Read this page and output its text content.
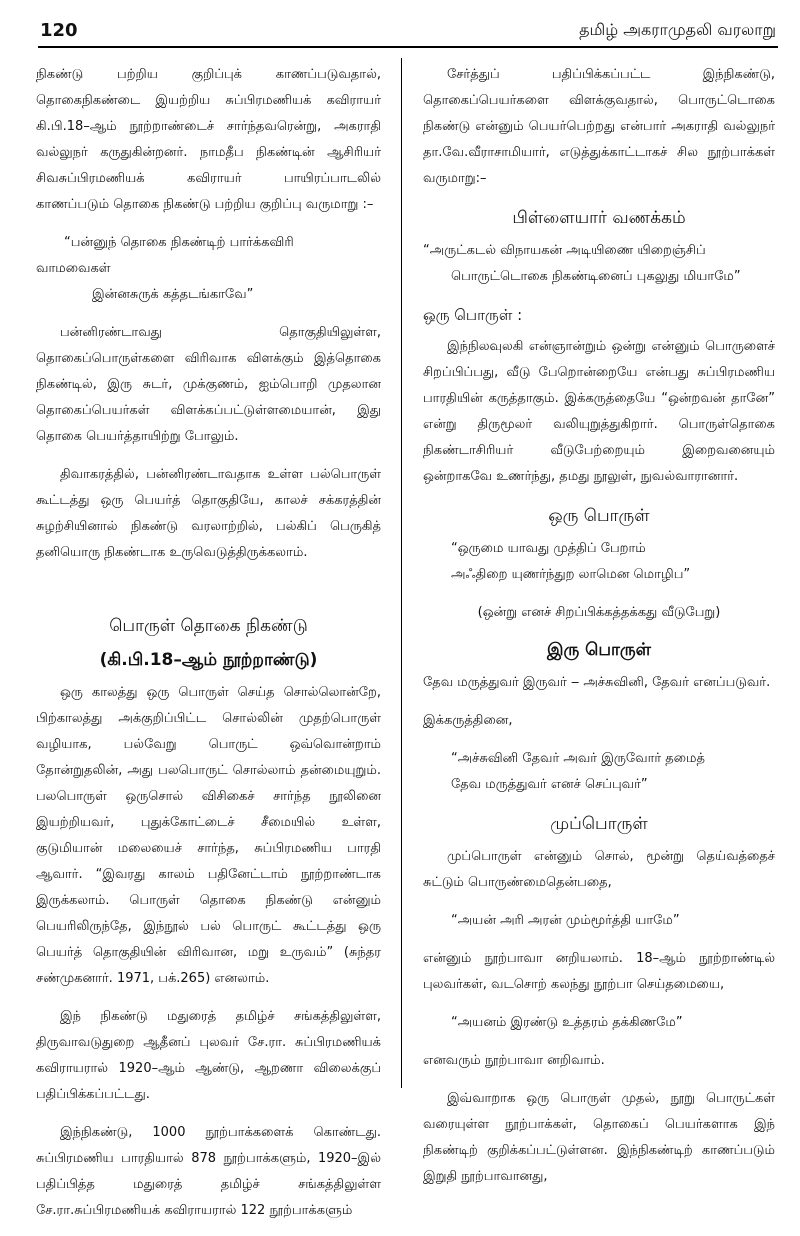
120	தமிழ் அகராமுதலி வரலாறு

நிகண்டு பற்றிய குறிப்புக் காணப்படுவதால், தொகைநிகண்டை இயற்றிய சுப்பிரமணியக் கவிராயர் கி.பி.18–ஆம் நூற்றாண்டைச் சார்ந்தவரென்று, அகராதி வல்லுநர் கருதுகின்றனர். நாமதீப நிகண்டின் ஆசிரியர் சிவசுப்பிரமணியக் கவிராயர் பாயிரப்பாடலில் காணப்படும் தொகை நிகண்டு பற்றிய குறிப்பு வருமாறு :–

“பன்னுந் தொகை நிகண்டிற் பார்க்கவிரி
வாமவைகள்
இன்னசுருக் கத்தடங்காவே”

பன்னிரண்டாவது தொகுதியிலுள்ள, தொகைப்பொருள்களை விரிவாக விளக்கும் இத்தொகை நிகண்டில், இரு சுடர், முக்குணம், ஐம்பொறி முதலான தொகைப்பெயர்கள் விளக்கப்பட்டுள்ளமையான், இது தொகை பெயர்த்தாயிற்று போலும்.

திவாகரத்தில், பன்னிரண்டாவதாக உள்ள பல்பொருள் கூட்டத்து ஒரு பெயர்த் தொகுதியே, காலச் சக்கரத்தின் சுழற்சியினால் நிகண்டு வரலாற்றில், பல்கிப் பெருகித் தனியொரு நிகண்டாக உருவெடுத்திருக்கலாம்.

பொருள் தொகை நிகண்டு
(கி.பி.18–ஆம் நூற்றாண்டு)

ஒரு காலத்து ஒரு பொருள் செய்த சொல்லொன்றே, பிற்காலத்து அக்குறிப்பிட்ட சொல்லின் முதற்பொருள் வழியாக, பல்வேறு பொருட் ஒவ்வொன்றாம் தோன்றுதலின், அது பலபொருட் சொல்லாம் தன்மையுறும். பலபொருள் ஒருசொல் விசிகைச் சார்ந்த நூலினை இயற்றியவர், புதுக்கோட்டைச் சீமையில் உள்ள, குடுமியான் மலையைச் சார்ந்த, சுப்பிரமணிய பாரதி ஆவார். “இவரது காலம் பதினேட்டாம் நூற்றாண்டாக இருக்கலாம். பொருள் தொகை நிகண்டு என்னும் பெயரிலிருந்தே, இந்நூல் பல் பொருட் கூட்டத்து ஒரு பெயர்த் தொகுதியின் விரிவான, மறு உருவம்” (சுந்தர சண்முகனார். 1971, பக்.265) எனலாம்.

இந் நிகண்டு மதுரைத் தமிழ்ச் சங்கத்திலுள்ள, திருவாவடுதுறை ஆதீனப் புலவர் சே.ரா. சுப்பிரமணியக் கவிராயரால் 1920–ஆம் ஆண்டு, ஆறணா விலைக்குப் பதிப்பிக்கப்பட்டது.

இந்நிகண்டு, 1000 நூற்பாக்களைக் கொண்டது. சுப்பிரமணிய பாரதியால் 878 நூற்பாக்களும், 1920–இல் பதிப்பித்த மதுரைத் தமிழ்ச் சங்கத்திலுள்ள சே.ரா.சுப்பிரமணியக் கவிராயரால் 122 நூற்பாக்களும்

சேர்த்துப் பதிப்பிக்கப்பட்ட இந்நிகண்டு, தொகைப்பெயர்களை விளக்குவதால், பொருட்டொகை நிகண்டு என்னும் பெயர்பெற்றது என்பார் அகராதி வல்லுநர் தா.வே.வீராசாமியார், எடுத்துக்காட்டாகச் சில நூற்பாக்கள் வருமாறு:–

பிள்ளையார் வணக்கம்
“அருட்கடல் விநாயகன் அடியிணை யிறைஞ்சிப்
பொருட்டொகை நிகண்டினைப் புகலுது மியாமே”

ஒரு பொருள் :

இந்நிலவுலகி என்ஞான்றும் ஒன்று என்னும் பொருளைச் சிறப்பிப்பது, வீடு பேறொன்றையே என்பது சுப்பிரமணிய பாரதியின் கருத்தாகும். இக்கருத்தையே “ஒன்றவன் தானே” என்று திருமூலர் வலியுறுத்துகிறார். பொருள்தொகை நிகண்டாசிரியர் வீடுபேற்றையும் இறைவனையும் ஒன்றாகவே உணர்ந்து, தமது நூலுள், நுவல்வாரானார்.

ஒரு பொருள்
“ஒருமை யாவது முத்திப் பேறாம்
அஃதிறை யுணர்ந்துற லாமென மொழிப”
(ஒன்று எனச் சிறப்பிக்கத்தக்கது வீடுபேறு)
இரு பொருள்

தேவ மருத்துவர் இருவர் ‒ அச்சுவினி, தேவர் எனப்படுவர்.

இக்கருத்தினை,

“அச்சுவினி தேவர் அவர் இருவோர் தமைத்
தேவ மருத்துவர் எனச் செப்புவர்”
முப்பொருள்

முப்பொருள் என்னும் சொல், மூன்று தெய்வத்தைச் சுட்டும் பொருண்மைதென்பதை,

“அயன் அரி அரன் மும்மூர்த்தி யாமே”

என்னும் நூற்பாவா னறியலாம். 18–ஆம் நூற்றாண்டில் புலவர்கள், வடசொற் கலந்து நூற்பா செய்தமையை,

“அயனம் இரண்டு உத்தரம் தக்கிணமே”

எனவரும் நூற்பாவா னறிவாம்.

இவ்வாறாக ஒரு பொருள் முதல், நூறு பொருட்கள் வரையுள்ள நூற்பாக்கள், தொகைப் பெயர்களாக இந் நிகண்டிற் குறிக்கப்பட்டுள்ளன. இந்நிகண்டிற் காணப்படும் இறுதி நூற்பாவானது,
